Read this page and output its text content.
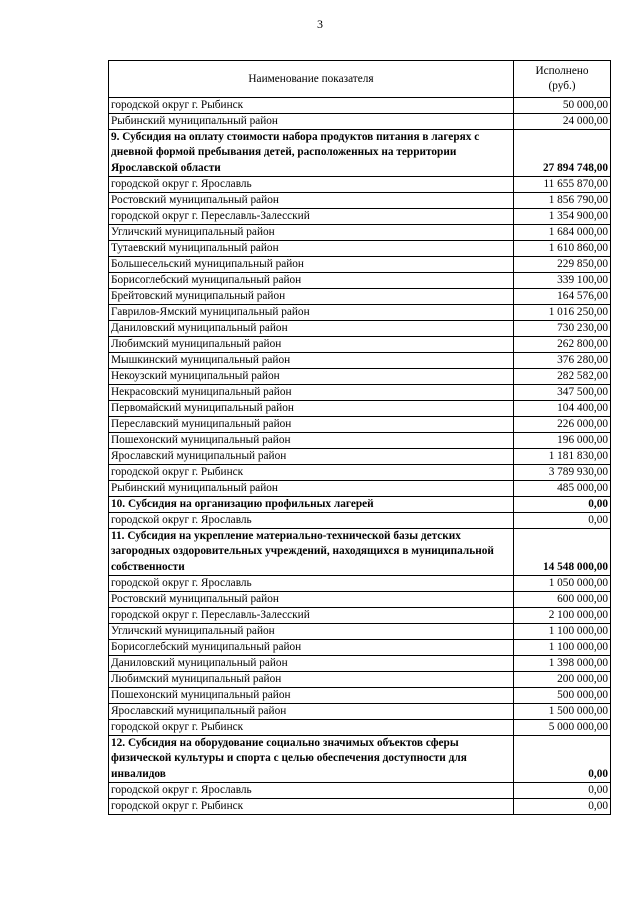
3
Наименование показателя	Исполнено
(руб.)
городской округ г. Рыбинск	50 000,00
Рыбинский муниципальный район	24 000,00
9. Субсидия на оплату стоимости набора продуктов питания в лагерях с дневной формой пребывания детей, расположенных на территории Ярославской области	27 894 748,00
городской округ г. Ярославль	11 655 870,00
Ростовский муниципальный район	1 856 790,00
городской округ г. Переславль-Залесский	1 354 900,00
Угличский муниципальный район	1 684 000,00
Тутаевский муниципальный район	1 610 860,00
Большесельский муниципальный район	229 850,00
Борисоглебский муниципальный район	339 100,00
Брейтовский муниципальный район	164 576,00
Гаврилов-Ямский муниципальный район	1 016 250,00
Даниловский муниципальный район	730 230,00
Любимский муниципальный район	262 800,00
Мышкинский муниципальный район	376 280,00
Некоузский муниципальный район	282 582,00
Некрасовский муниципальный район	347 500,00
Первомайский муниципальный район	104 400,00
Переславский муниципальный район	226 000,00
Пошехонский муниципальный район	196 000,00
Ярославский муниципальный район	1 181 830,00
городской округ г. Рыбинск	3 789 930,00
Рыбинский муниципальный район	485 000,00
10. Субсидия на организацию профильных лагерей	0,00
городской округ г. Ярославль	0,00
11. Субсидия на укрепление материально-технической базы детских загородных оздоровительных учреждений, находящихся в муниципальной собственности	14 548 000,00
городской округ г. Ярославль	1 050 000,00
Ростовский муниципальный район	600 000,00
городской округ г. Переславль-Залесский	2 100 000,00
Угличский муниципальный район	1 100 000,00
Борисоглебский муниципальный район	1 100 000,00
Даниловский муниципальный район	1 398 000,00
Любимский муниципальный район	200 000,00
Пошехонский муниципальный район	500 000,00
Ярославский муниципальный район	1 500 000,00
городской округ г. Рыбинск	5 000 000,00
12. Субсидия на оборудование социально значимых объектов сферы физической культуры и спорта с целью обеспечения доступности для инвалидов	0,00
городской округ г. Ярославль	0,00
городской округ г. Рыбинск	0,00
